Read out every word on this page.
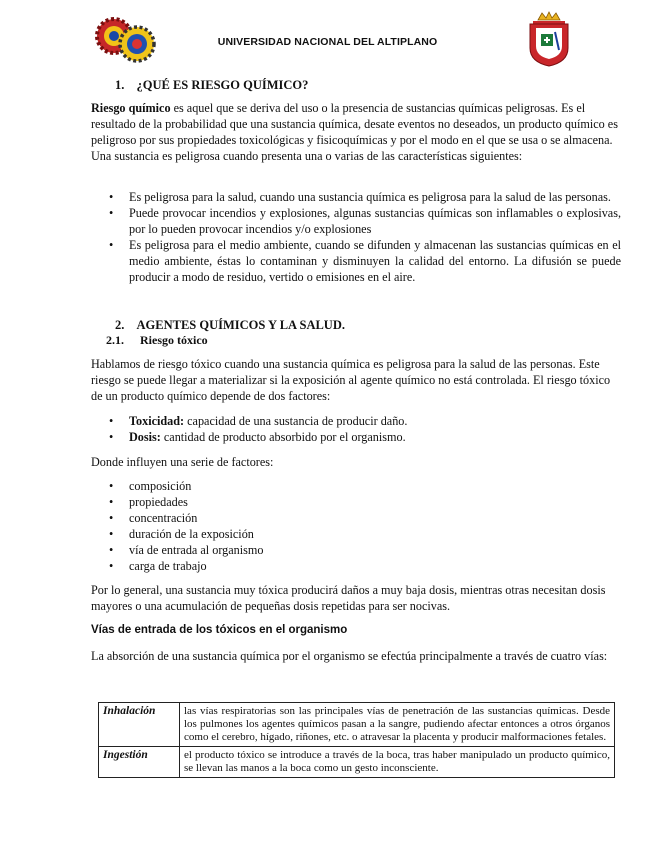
UNIVERSIDAD NACIONAL DEL ALTIPLANO
1. ¿QUÉ ES RIESGO QUÍMICO?
Riesgo químico es aquel que se deriva del uso o la presencia de sustancias químicas peligrosas. Es el resultado de la probabilidad que una sustancia química, desate eventos no deseados, un producto químico es peligroso por sus propiedades toxicológicas y fisicoquímicas y por el modo en el que se usa o se almacena. Una sustancia es peligrosa cuando presenta una o varias de las características siguientes:
• Es peligrosa para la salud, cuando una sustancia química es peligrosa para la salud de las personas.
• Puede provocar incendios y explosiones, algunas sustancias químicas son inflamables o explosivas, por lo pueden provocar incendios y/o explosiones
• Es peligrosa para el medio ambiente, cuando se difunden y almacenan las sustancias químicas en el medio ambiente, éstas lo contaminan y disminuyen la calidad del entorno. La difusión se puede producir a modo de residuo, vertido o emisiones en el aire.
2. AGENTES QUÍMICOS Y LA SALUD.
2.1. Riesgo tóxico
Hablamos de riesgo tóxico cuando una sustancia química es peligrosa para la salud de las personas. Este riesgo se puede llegar a materializar si la exposición al agente químico no está controlada. El riesgo tóxico de un producto químico depende de dos factores:
• Toxicidad: capacidad de una sustancia de producir daño.
• Dosis: cantidad de producto absorbido por el organismo.
Donde influyen una serie de factores:
• composición
• propiedades
• concentración
• duración de la exposición
• vía de entrada al organismo
• carga de trabajo
Por lo general, una sustancia muy tóxica producirá daños a muy baja dosis, mientras otras necesitan dosis mayores o una acumulación de pequeñas dosis repetidas para ser nocivas.
Vías de entrada de los tóxicos en el organismo
La absorción de una sustancia química por el organismo se efectúa principalmente a través de cuatro vías:
Inhalación	las vías respiratorias son las principales vías de penetración de las sustancias químicas. Desde los pulmones los agentes químicos pasan a la sangre, pudiendo afectar entonces a otros órganos como el cerebro, hígado, riñones, etc. o atravesar la placenta y producir malformaciones fetales.
Ingestión	el producto tóxico se introduce a través de la boca, tras haber manipulado un producto químico, se llevan las manos a la boca como un gesto inconsciente.
